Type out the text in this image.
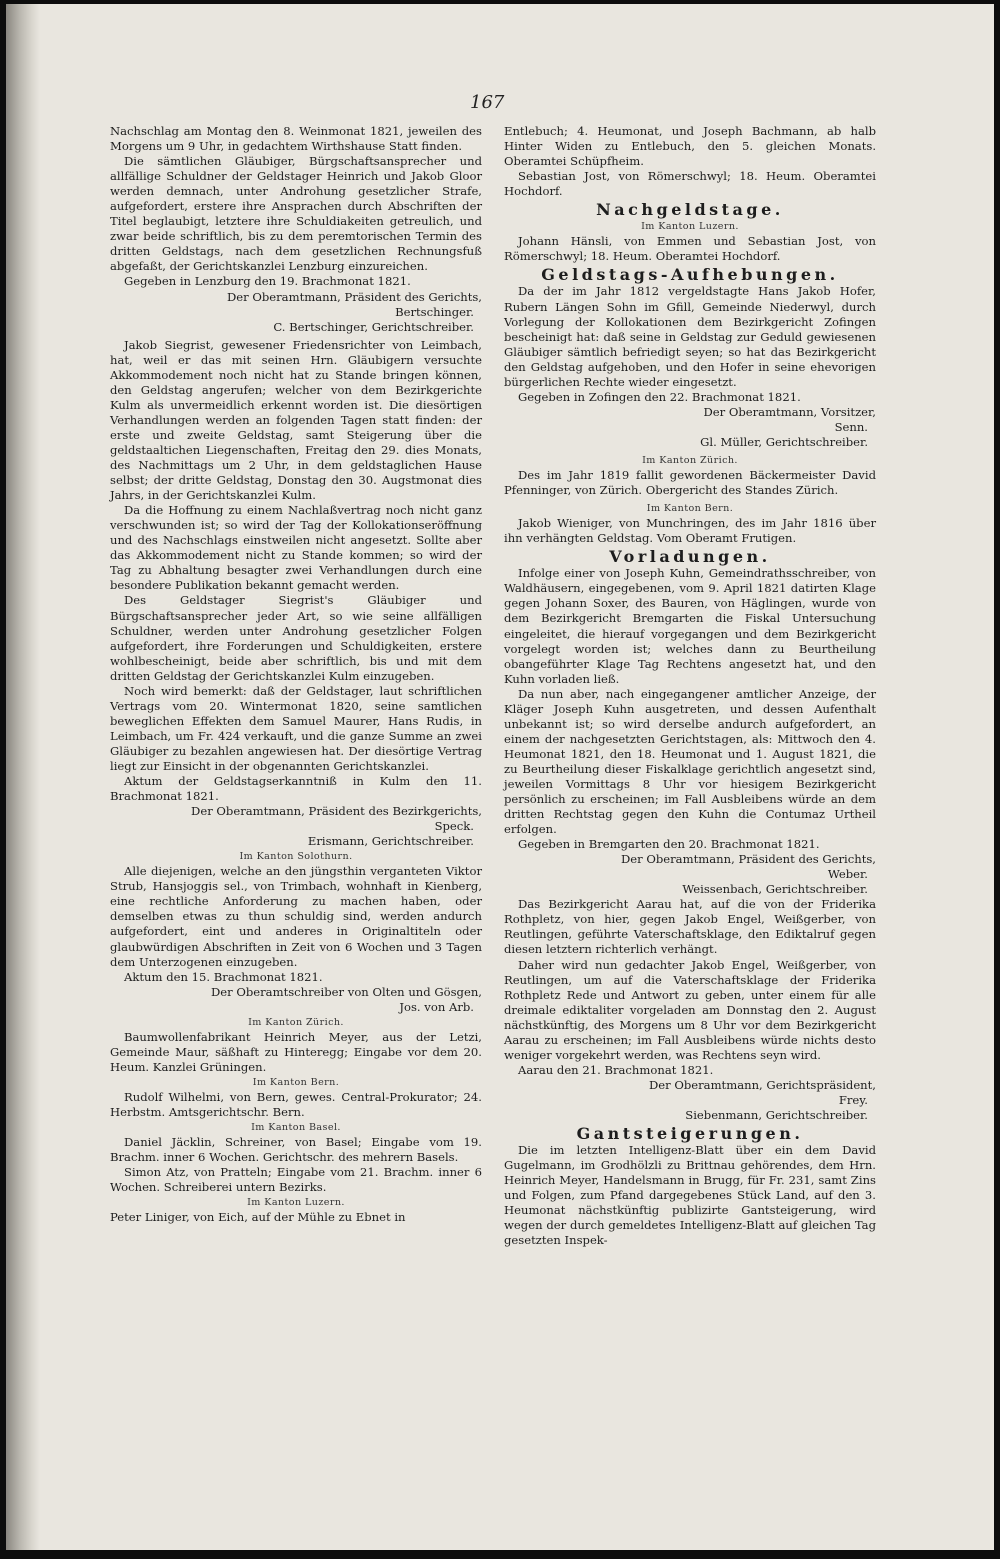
167

Nachschlag am Montag den 8. Weinmonat 1821, jeweilen des Morgens um 9 Uhr, in gedachtem Wirthshause Statt finden.

Die sämtlichen Gläubiger, Bürgschaftsansprecher und allfällige Schuldner der Geldstager Heinrich und Jakob Gloor werden demnach, unter Androhung gesetzlicher Strafe, aufgefordert, erstere ihre Ansprachen durch Abschriften der Titel beglaubigt, letztere ihre Schuldiakeiten getreulich, und zwar beide schriftlich, bis zu dem peremtorischen Termin des dritten Geldstags, nach dem gesetzlichen Rechnungsfuß abgefaßt, der Gerichtskanzlei Lenzburg einzureichen.

Gegeben in Lenzburg den 19. Brachmonat 1821.

Der Oberamtmann, Präsident des Gerichts,

Bertschinger.

C. Bertschinger, Gerichtschreiber.

Jakob Siegrist, gewesener Friedensrichter von Leimbach, hat, weil er das mit seinen Hrn. Gläubigern versuchte Akkommodement noch nicht hat zu Stande bringen können, den Geldstag angerufen; welcher von dem Bezirkgerichte Kulm als unvermeidlich erkennt worden ist. Die diesörtigen Verhandlungen werden an folgenden Tagen statt finden: der erste und zweite Geldstag, samt Steigerung über die geldstaaltichen Liegenschaften, Freitag den 29. dies Monats, des Nachmittags um 2 Uhr, in dem geldstaglichen Hause selbst; der dritte Geldstag, Donstag den 30. Augstmonat dies Jahrs, in der Gerichtskanzlei Kulm.

Da die Hoffnung zu einem Nachlaßvertrag noch nicht ganz verschwunden ist; so wird der Tag der Kollokationseröffnung und des Nachschlags einstweilen nicht angesetzt. Sollte aber das Akkommodement nicht zu Stande kommen; so wird der Tag zu Abhaltung besagter zwei Verhandlungen durch eine besondere Publikation bekannt gemacht werden.

Des Geldstager Siegrist's Gläubiger und Bürgschaftsansprecher jeder Art, so wie seine allfälligen Schuldner, werden unter Androhung gesetzlicher Folgen aufgefordert, ihre Forderungen und Schuldigkeiten, erstere wohlbescheinigt, beide aber schriftlich, bis und mit dem dritten Geldstag der Gerichtskanzlei Kulm einzugeben.

Noch wird bemerkt: daß der Geldstager, laut schriftlichen Vertrags vom 20. Wintermonat 1820, seine samtlichen beweglichen Effekten dem Samuel Maurer, Hans Rudis, in Leimbach, um Fr. 424 verkauft, und die ganze Summe an zwei Gläubiger zu bezahlen angewiesen hat. Der diesörtige Vertrag liegt zur Einsicht in der obgenannten Gerichtskanzlei.

Aktum der Geldstagserkanntniß in Kulm den 11. Brachmonat 1821.

Der Oberamtmann, Präsident des Bezirkgerichts,

Speck.

Erismann, Gerichtschreiber.

Im Kanton Solothurn.

Alle diejenigen, welche an den jüngsthin verganteten Viktor Strub, Hansjoggis sel., von Trimbach, wohnhaft in Kienberg, eine rechtliche Anforderung zu machen haben, oder demselben etwas zu thun schuldig sind, werden andurch aufgefordert, eint und anderes in Originaltiteln oder glaubwürdigen Abschriften in Zeit von 6 Wochen und 3 Tagen dem Unterzogenen einzugeben.

Aktum den 15. Brachmonat 1821.

Der Oberamtschreiber von Olten und Gösgen,

Jos. von Arb.

Im Kanton Zürich.

Baumwollenfabrikant Heinrich Meyer, aus der Letzi, Gemeinde Maur, säßhaft zu Hinteregg; Eingabe vor dem 20. Heum. Kanzlei Grüningen.

Im Kanton Bern.

Rudolf Wilhelmi, von Bern, gewes. Central-Prokurator; 24. Herbstm. Amtsgerichtschr. Bern.

Im Kanton Basel.

Daniel Jäcklin, Schreiner, von Basel; Eingabe vom 19. Brachm. inner 6 Wochen. Gerichtschr. des mehrern Basels.

Simon Atz, von Pratteln; Eingabe vom 21. Brachm. inner 6 Wochen. Schreiberei untern Bezirks.

Im Kanton Luzern.

Peter Liniger, von Eich, auf der Mühle zu Ebnet in

Entlebuch; 4. Heumonat, und Joseph Bachmann, ab halb Hinter Widen zu Entlebuch, den 5. gleichen Monats. Oberamtei Schüpfheim.

Sebastian Jost, von Römerschwyl; 18. Heum. Oberamtei Hochdorf.

Nachgeldstage.

Im Kanton Luzern.

Johann Hänsli, von Emmen und Sebastian Jost, von Römerschwyl; 18. Heum. Oberamtei Hochdorf.

Geldstags-Aufhebungen.

Da der im Jahr 1812 vergeldstagte Hans Jakob Hofer, Rubern Längen Sohn im Gfill, Gemeinde Niederwyl, durch Vorlegung der Kollokationen dem Bezirkgericht Zofingen bescheinigt hat: daß seine in Geldstag zur Geduld gewiesenen Gläubiger sämtlich befriedigt seyen; so hat das Bezirkgericht den Geldstag aufgehoben, und den Hofer in seine ehevorigen bürgerlichen Rechte wieder eingesetzt.

Gegeben in Zofingen den 22. Brachmonat 1821.

Der Oberamtmann, Vorsitzer,

Senn.

Gl. Müller, Gerichtschreiber.

Im Kanton Zürich.

Des im Jahr 1819 fallit gewordenen Bäckermeister David Pfenninger, von Zürich. Obergericht des Standes Zürich.

Im Kanton Bern.

Jakob Wieniger, von Munchringen, des im Jahr 1816 über ihn verhängten Geldstag. Vom Oberamt Frutigen.

Vorladungen.

Infolge einer von Joseph Kuhn, Gemeindrathsschreiber, von Waldhäusern, eingegebenen, vom 9. April 1821 datirten Klage gegen Johann Soxer, des Bauren, von Häglingen, wurde von dem Bezirkgericht Bremgarten die Fiskal Untersuchung eingeleitet, die hierauf vorgegangen und dem Bezirkgericht vorgelegt worden ist; welches dann zu Beurtheilung obangeführter Klage Tag Rechtens angesetzt hat, und den Kuhn vorladen ließ.

Da nun aber, nach eingegangener amtlicher Anzeige, der Kläger Joseph Kuhn ausgetreten, und dessen Aufenthalt unbekannt ist; so wird derselbe andurch aufgefordert, an einem der nachgesetzten Gerichtstagen, als: Mittwoch den 4. Heumonat 1821, den 18. Heumonat und 1. August 1821, die zu Beurtheilung dieser Fiskalklage gerichtlich angesetzt sind, jeweilen Vormittags 8 Uhr vor hiesigem Bezirkgericht persönlich zu erscheinen; im Fall Ausbleibens würde an dem dritten Rechtstag gegen den Kuhn die Contumaz Urtheil erfolgen.

Gegeben in Bremgarten den 20. Brachmonat 1821.

Der Oberamtmann, Präsident des Gerichts,

Weber.

Weissenbach, Gerichtschreiber.

Das Bezirkgericht Aarau hat, auf die von der Friderika Rothpletz, von hier, gegen Jakob Engel, Weißgerber, von Reutlingen, geführte Vaterschaftsklage, den Ediktalruf gegen diesen letztern richterlich verhängt.

Daher wird nun gedachter Jakob Engel, Weißgerber, von Reutlingen, um auf die Vaterschaftsklage der Friderika Rothpletz Rede und Antwort zu geben, unter einem für alle dreimale ediktaliter vorgeladen am Donnstag den 2. August nächstkünftig, des Morgens um 8 Uhr vor dem Bezirkgericht Aarau zu erscheinen; im Fall Ausbleibens würde nichts desto weniger vorgekehrt werden, was Rechtens seyn wird.

Aarau den 21. Brachmonat 1821.

Der Oberamtmann, Gerichtspräsident,

Frey.

Siebenmann, Gerichtschreiber.

Gantsteigerungen.

Die im letzten Intelligenz-Blatt über ein dem David Gugelmann, im Grodhölzli zu Brittnau gehörendes, dem Hrn. Heinrich Meyer, Handelsmann in Brugg, für Fr. 231, samt Zins und Folgen, zum Pfand dargegebenes Stück Land, auf den 3. Heumonat nächstkünftig publizirte Gantsteigerung, wird wegen der durch gemeldetes Intelligenz-Blatt auf gleichen Tag gesetzten Inspek-
